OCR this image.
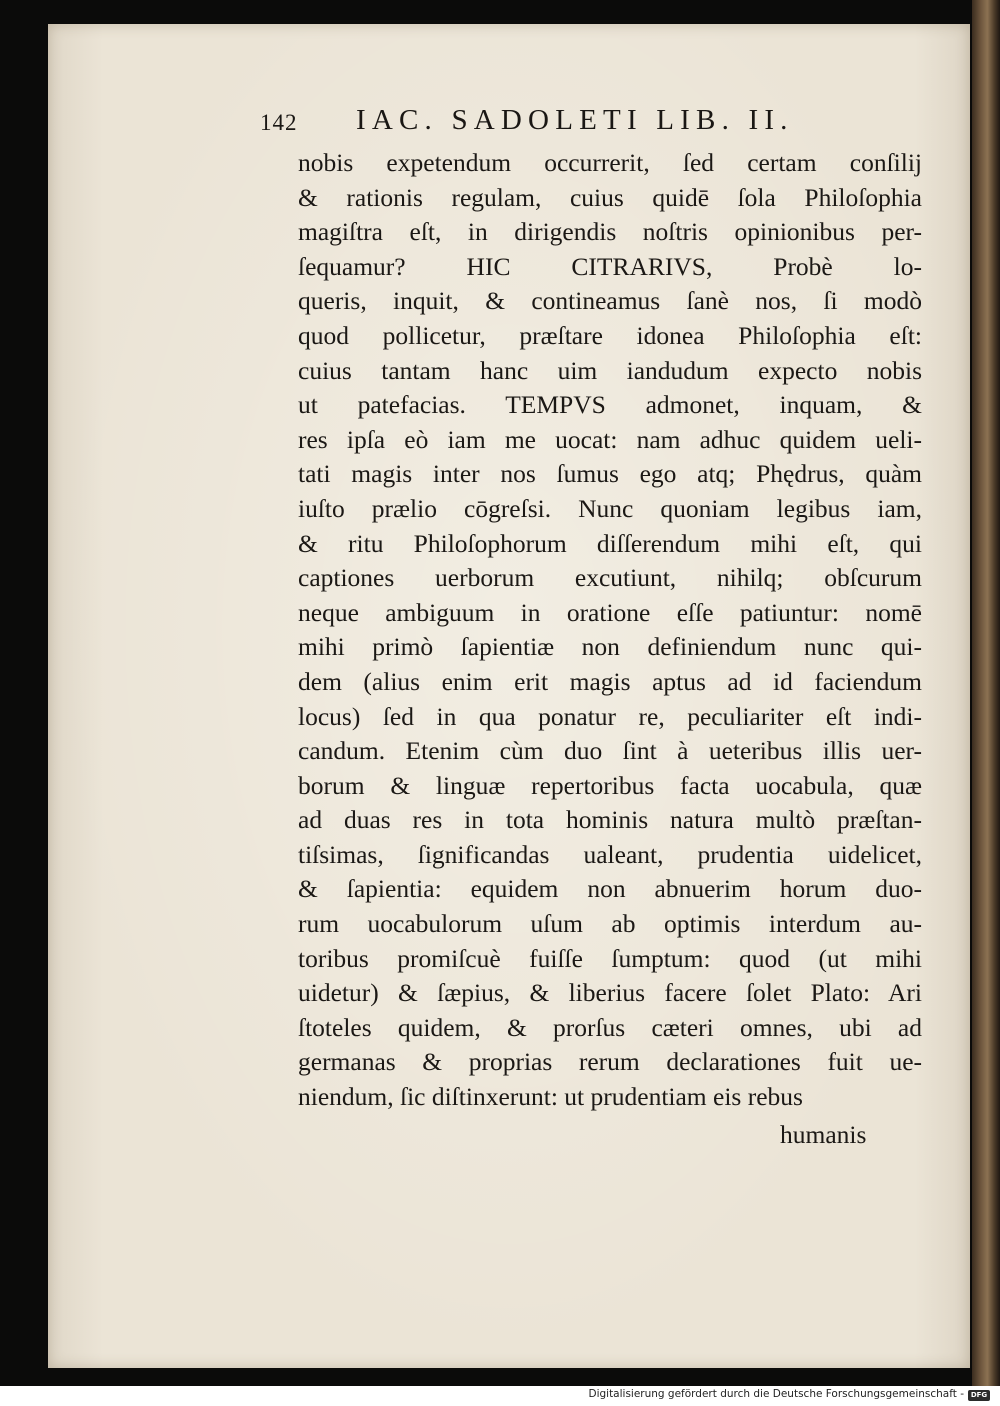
142 IAC. SADOLETI LIB. II.
nobis expetendum occurrerit, ſed certam conſilij
& rationis regulam, cuius quidē ſola Philoſophia
magiſtra eſt, in dirigendis noſtris opinionibus per-
ſequamur? HIC CITRARIVS, Probè lo-
queris, inquit, & contineamus ſanè nos, ſi modò
quod pollicetur, præſtare idonea Philoſophia eſt:
cuius tantam hanc uim iandudum expecto nobis
ut patefacias. TEMPVS admonet, inquam, &
res ipſa eò iam me uocat: nam adhuc quidem ueli-
tati magis inter nos ſumus ego atq; Phędrus, quàm
iuſto prælio cōgreſsi. Nunc quoniam legibus iam,
& ritu Philoſophorum diſſerendum mihi eſt, qui
captiones uerborum excutiunt, nihilq; obſcurum
neque ambiguum in oratione eſſe patiuntur: nomē
mihi primò ſapientiæ non definiendum nunc qui-
dem (alius enim erit magis aptus ad id faciendum
locus) ſed in qua ponatur re, peculiariter eſt indi-
candum. Etenim cùm duo ſint à ueteribus illis uer-
borum & linguæ repertoribus facta uocabula, quæ
ad duas res in tota hominis natura multò præſtan-
tiſsimas, ſignificandas ualeant, prudentia uidelicet,
& ſapientia: equidem non abnuerim horum duo-
rum uocabulorum uſum ab optimis interdum au-
toribus promiſcuè fuiſſe ſumptum: quod (ut mihi
uidetur) & ſæpius, & liberius facere ſolet Plato: Ari
ſtoteles quidem, & prorſus cæteri omnes, ubi ad
germanas & proprias rerum declarationes fuit ue-
niendum, ſic diſtinxerunt: ut prudentiam eis rebus
humanis
Digitalisierung gefördert durch die Deutsche Forschungsgemeinschaft - DFG
